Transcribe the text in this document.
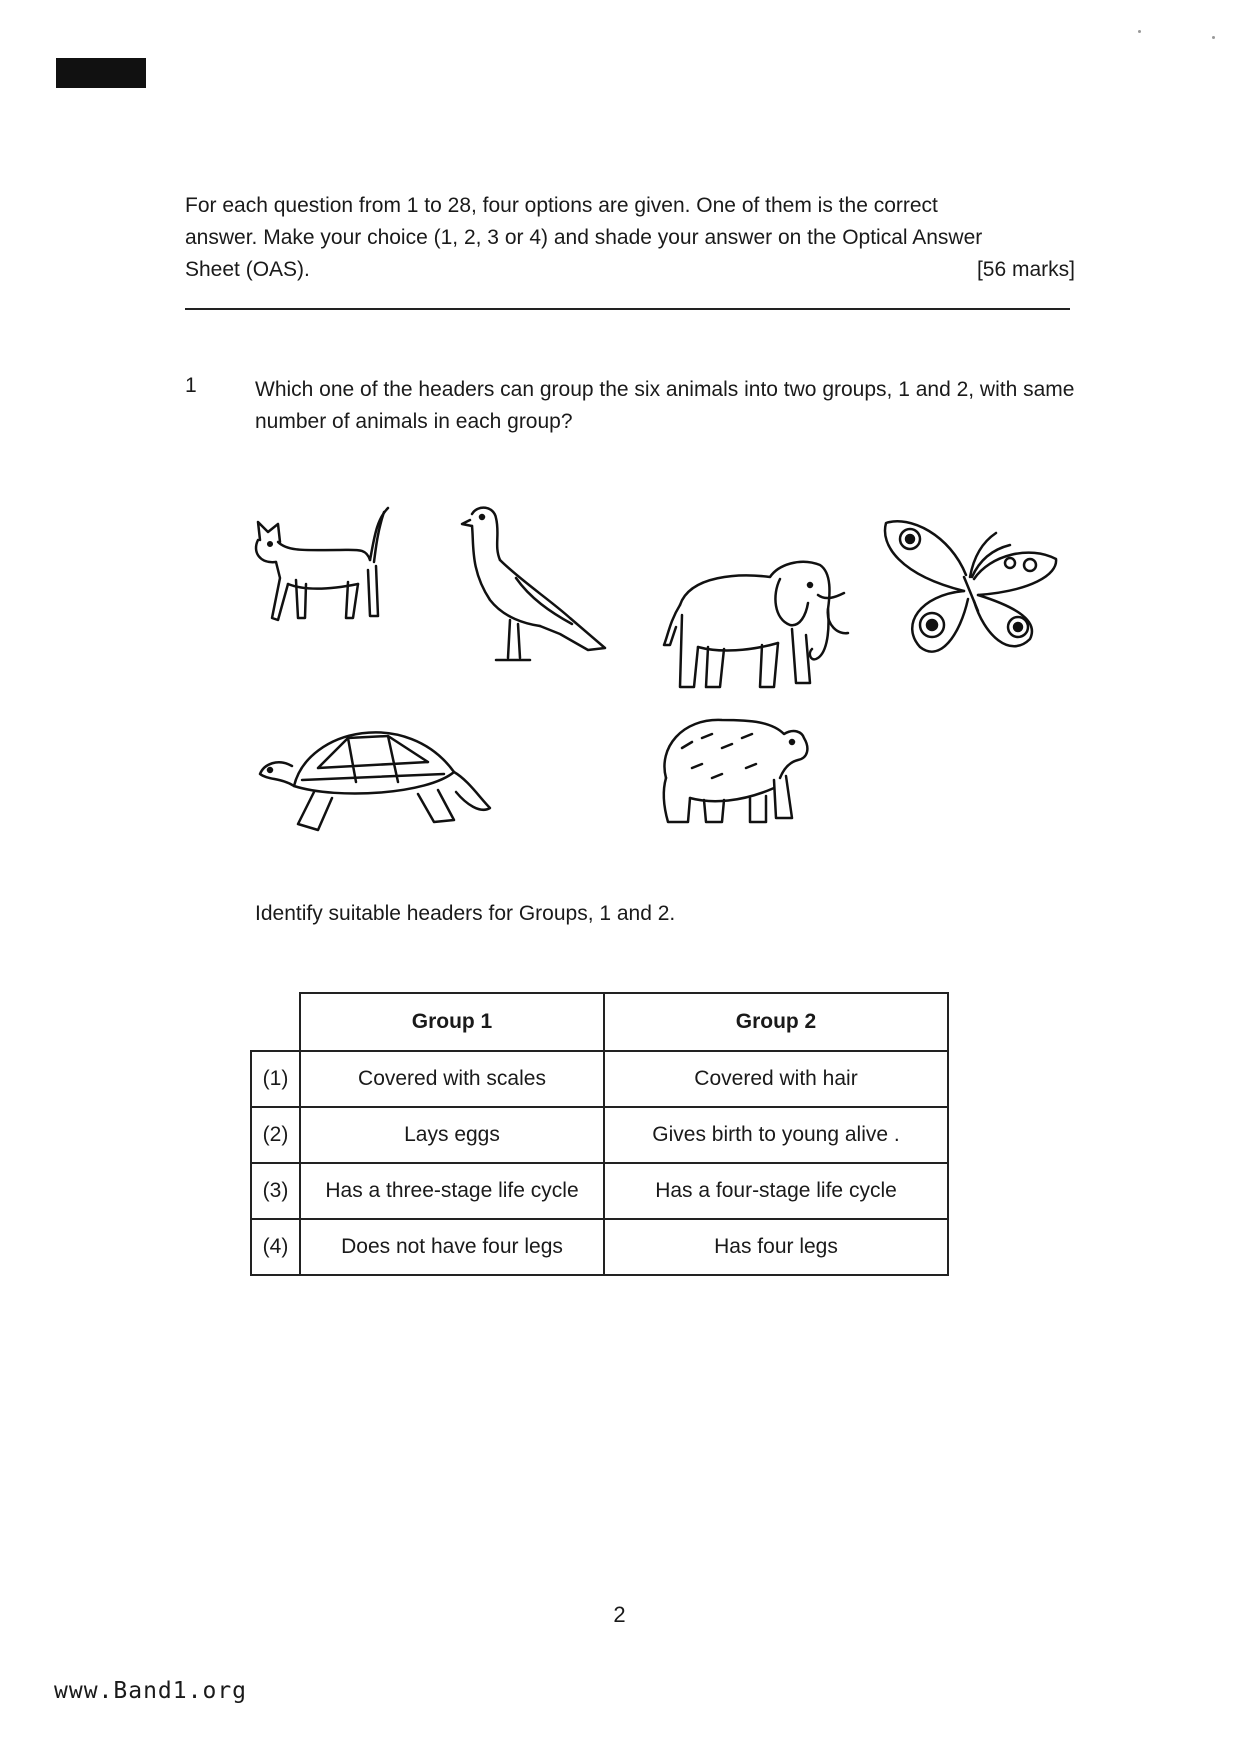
For each question from 1 to 28, four options are given. One of them is the correct
answer. Make your choice (1, 2, 3 or 4) and shade your answer on the Optical Answer
Sheet (OAS).	[56 marks]
1	Which one of the headers can group the six animals into two groups, 1 and 2, with same number of animals in each group?
Identify suitable headers for Groups, 1 and 2.
	Group 1	Group 2
(1)	Covered with scales	Covered with hair
(2)	Lays eggs	Gives birth to young alive .
(3)	Has a three-stage life cycle	Has a four-stage life cycle
(4)	Does not have four legs	Has four legs
2
www.Band1.org
